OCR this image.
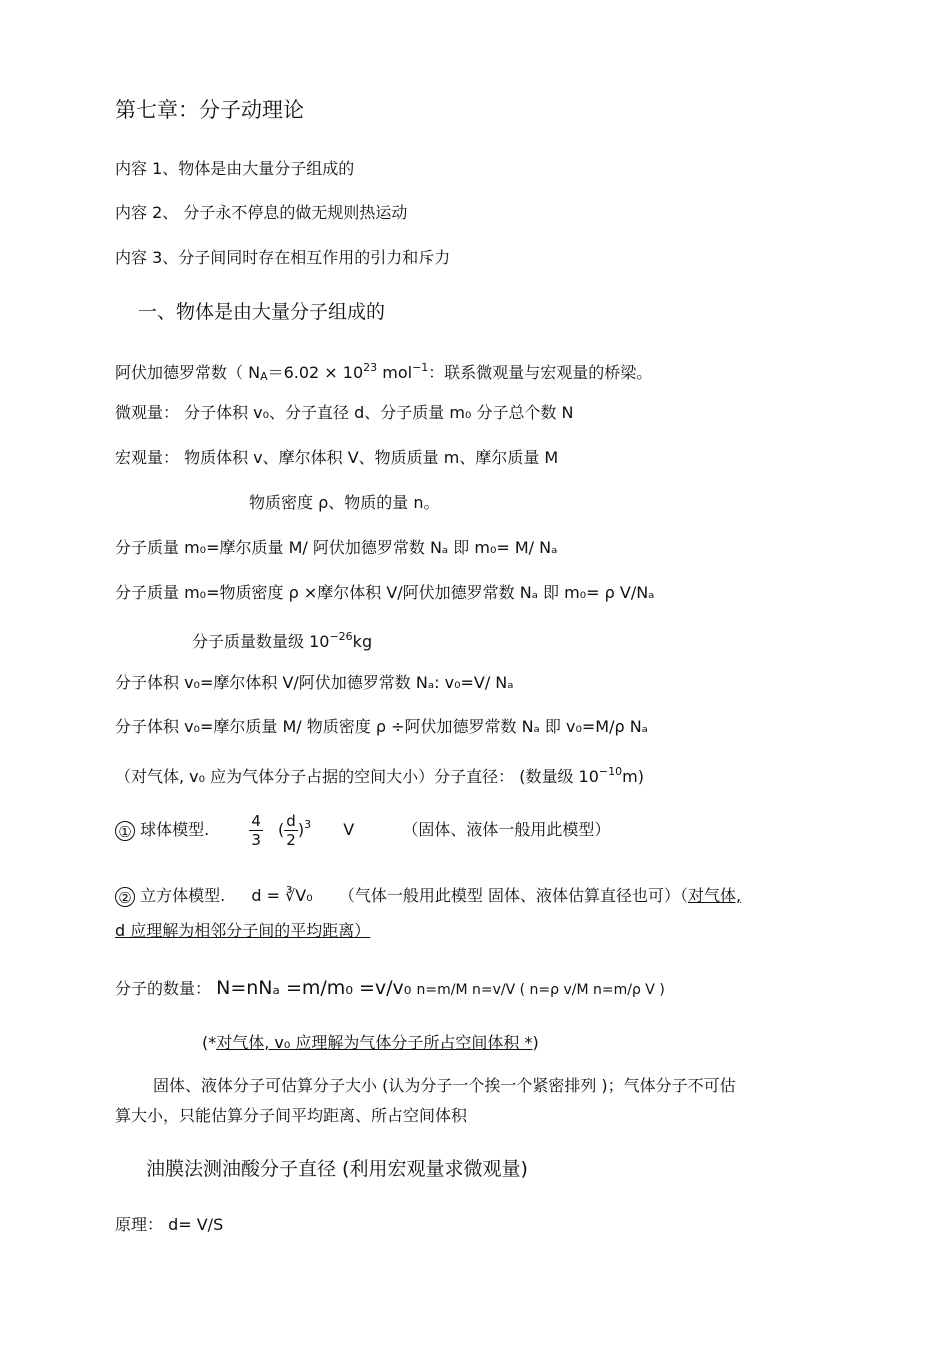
第七章：分子动理论
内容 1、物体是由大量分子组成的
内容 2、 分子永不停息的做无规则热运动
内容 3、分子间同时存在相互作用的引力和斥力
一、物体是由大量分子组成的
阿伏加德罗常数（ $NA=6.02 \times 10^{23}$ mol$^{-1}$：联系微观量与宏观量的桥梁。
微观量： 分子体积 v₀、分子直径 d、分子质量 m₀ 分子总个数 N
宏观量： 物质体积 v、摩尔体积 V、物质质量 m、摩尔质量 M
物质密度 ρ、物质的量 n。
分子质量 m₀=摩尔质量 M/ 阿伏加德罗常数 Nₐ 即 m₀= M/ Nₐ
分子质量 m₀=物质密度 ρ ×摩尔体积 V/阿伏加德罗常数 Nₐ 即 m₀= ρ V/Nₐ
分子质量数量级 $10^{-26}kg$
分子体积 v₀=摩尔体积 V/阿伏加德罗常数 Nₐ: v₀=V/ Nₐ
分子体积 v₀=摩尔质量 M/ 物质密度 ρ ÷阿伏加德罗常数 Nₐ 即 v₀=M/ρ Nₐ
（对气体, v₀ 应为气体分子占据的空间大小）分子直径： (数量级 $10^{-10}m$)
① 球体模型.	$\frac{4}{3}$ ( $\frac{d}{2} )^3$ V	（固体、液体一般用此模型）
② 立方体模型. d = ∛V₀ （气体一般用此模型 固体、液体估算直径也可）（对气体,
d 应理解为相邻分子间的平均距离）
分子的数量： N=nNₐ =m/m₀ =v/v₀ n=m/M n=v/V ( n=ρ v/M n=m/ρ V )
(*对气体, v₀ 应理解为气体分子所占空间体积 *)
固体、液体分子可估算分子大小 (认为分子一个挨一个紧密排列 )；气体分子不可估
算大小，只能估算分子间平均距离、所占空间体积
油膜法测油酸分子直径 (利用宏观量求微观量)
原理： d= V/S
